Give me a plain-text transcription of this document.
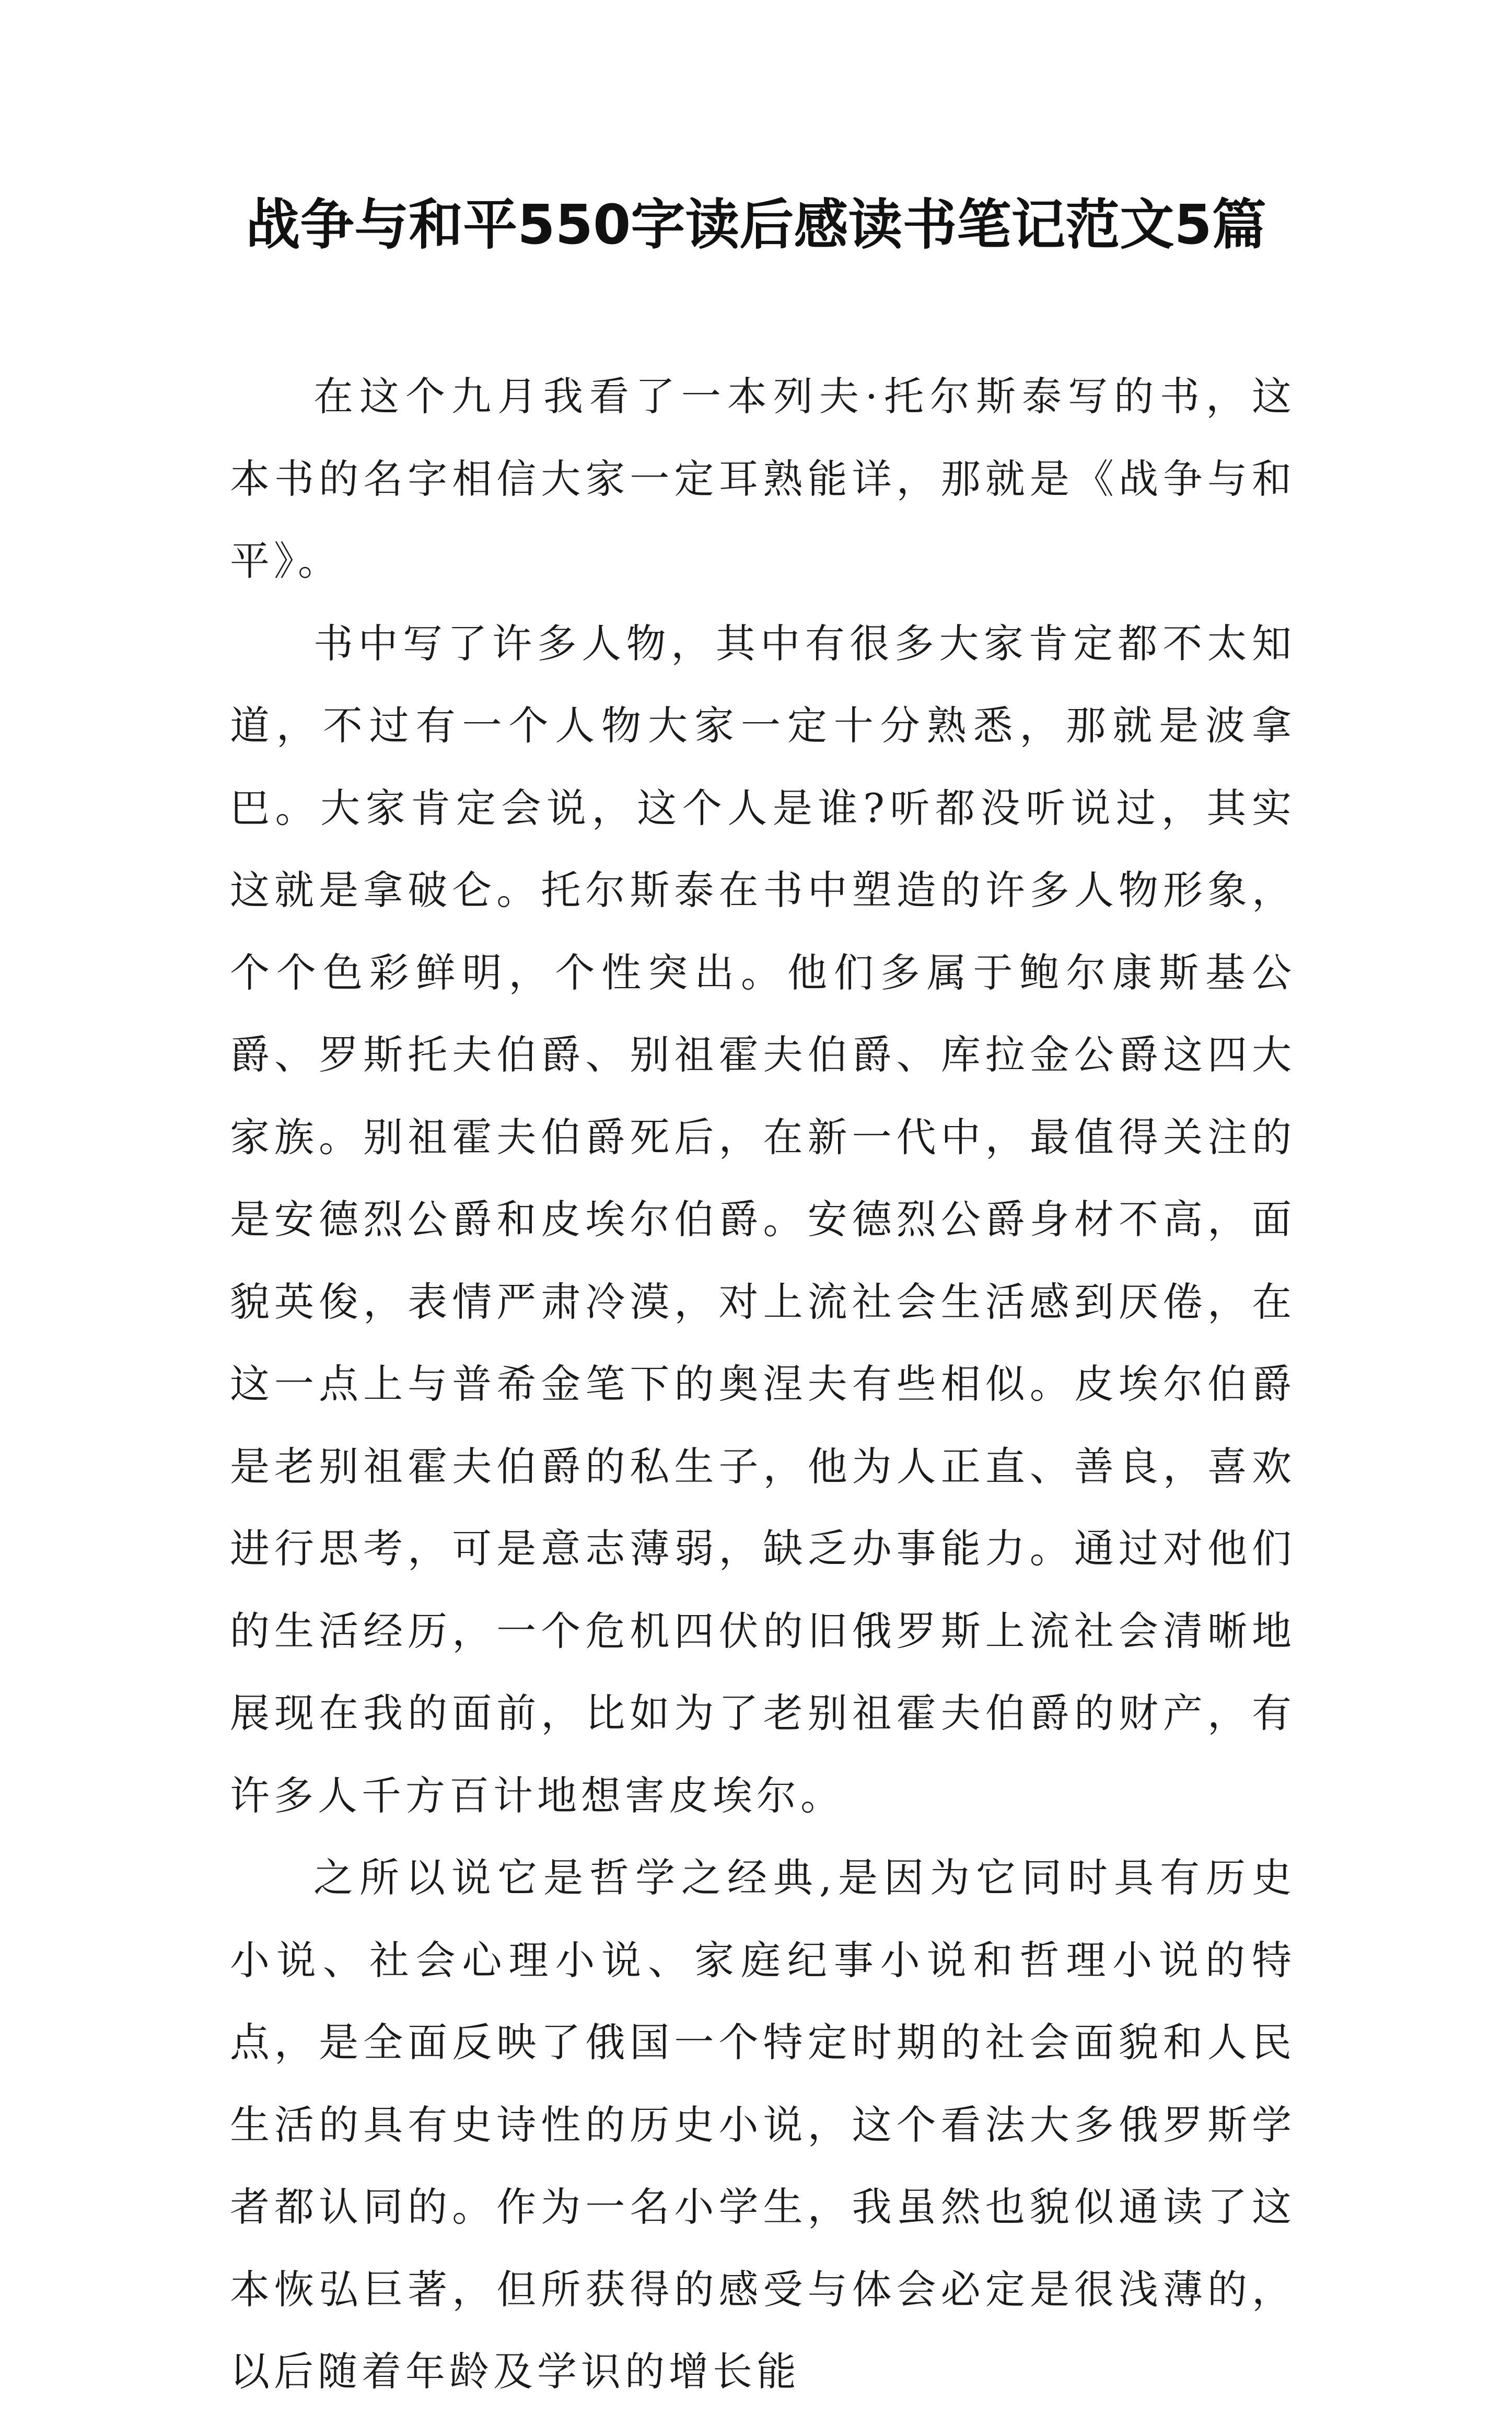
战争与和平550字读后感读书笔记范文5篇

在这个九月我看了一本列夫·托尔斯泰写的书，这本书的名字相信大家一定耳熟能详，那就是《战争与和平》。

书中写了许多人物，其中有很多大家肯定都不太知道，不过有一个人物大家一定十分熟悉，那就是波拿巴。大家肯定会说，这个人是谁?听都没听说过，其实这就是拿破仑。托尔斯泰在书中塑造的许多人物形象，个个色彩鲜明，个性突出。他们多属于鲍尔康斯基公爵、罗斯托夫伯爵、别祖霍夫伯爵、库拉金公爵这四大家族。别祖霍夫伯爵死后，在新一代中，最值得关注的是安德烈公爵和皮埃尔伯爵。安德烈公爵身材不高，面貌英俊，表情严肃冷漠，对上流社会生活感到厌倦，在这一点上与普希金笔下的奥涅夫有些相似。皮埃尔伯爵是老别祖霍夫伯爵的私生子，他为人正直、善良，喜欢进行思考，可是意志薄弱，缺乏办事能力。通过对他们的生活经历，一个危机四伏的旧俄罗斯上流社会清晰地展现在我的面前，比如为了老别祖霍夫伯爵的财产，有许多人千方百计地想害皮埃尔。

之所以说它是哲学之经典,是因为它同时具有历史小说、社会心理小说、家庭纪事小说和哲理小说的特点，是全面反映了俄国一个特定时期的社会面貌和人民生活的具有史诗性的历史小说，这个看法大多俄罗斯学者都认同的。作为一名小学生，我虽然也貌似通读了这本恢弘巨著，但所获得的感受与体会必定是很浅薄的，以后随着年龄及学识的增长能
